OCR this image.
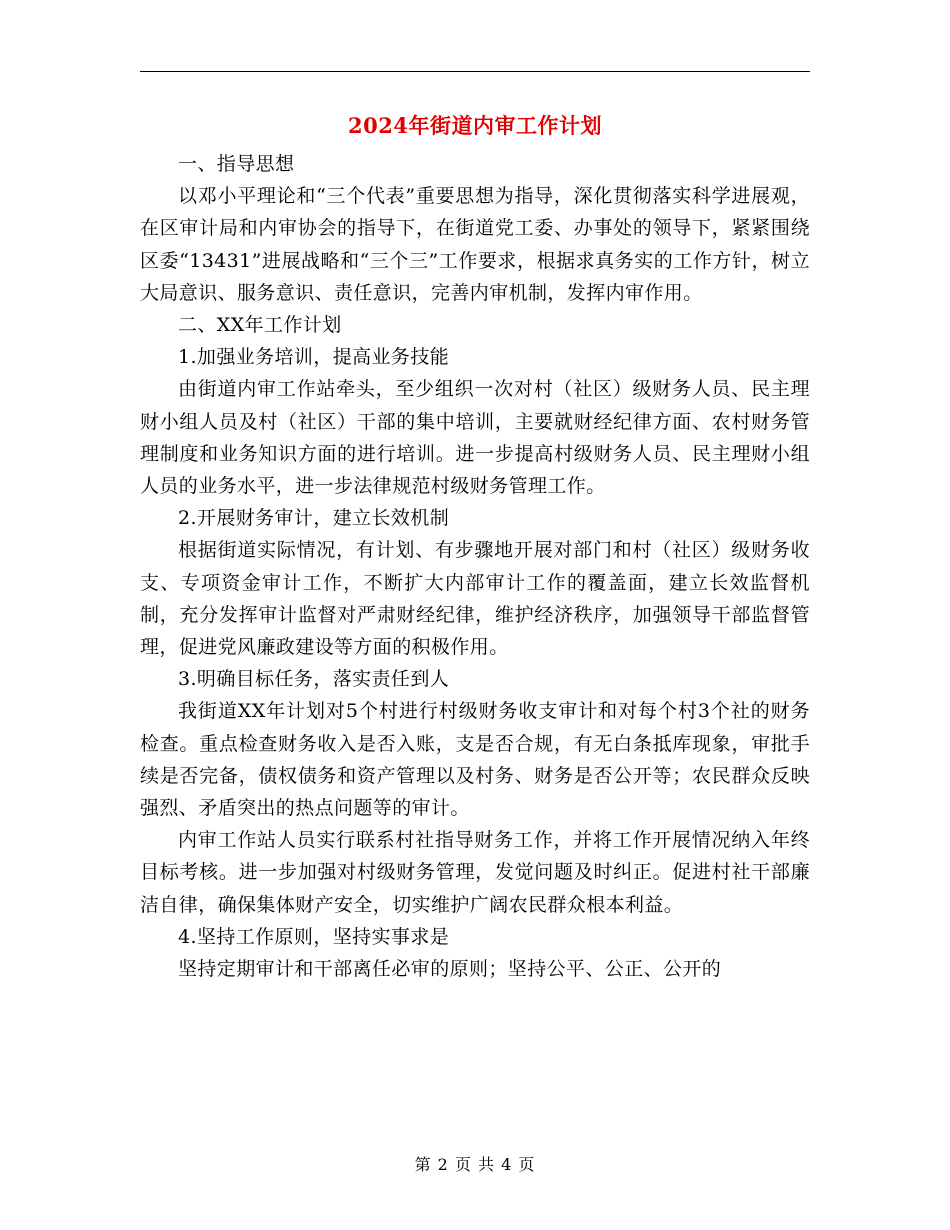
2024年街道内审工作计划

一、指导思想

以邓小平理论和“三个代表”重要思想为指导，深化贯彻落实科学进展观，在区审计局和内审协会的指导下，在街道党工委、办事处的领导下，紧紧围绕区委“13431”进展战略和“三个三”工作要求，根据求真务实的工作方针，树立大局意识、服务意识、责任意识，完善内审机制，发挥内审作用。

二、XX年工作计划

1.加强业务培训，提高业务技能

由街道内审工作站牵头，至少组织一次对村（社区）级财务人员、民主理财小组人员及村（社区）干部的集中培训，主要就财经纪律方面、农村财务管理制度和业务知识方面的进行培训。进一步提高村级财务人员、民主理财小组人员的业务水平，进一步法律规范村级财务管理工作。

2.开展财务审计，建立长效机制

根据街道实际情况，有计划、有步骤地开展对部门和村（社区）级财务收支、专项资金审计工作，不断扩大内部审计工作的覆盖面，建立长效监督机制，充分发挥审计监督对严肃财经纪律，维护经济秩序，加强领导干部监督管理，促进党风廉政建设等方面的积极作用。

3.明确目标任务，落实责任到人

我街道XX年计划对5个村进行村级财务收支审计和对每个村3个社的财务检查。重点检查财务收入是否入账，支是否合规，有无白条抵库现象，审批手续是否完备，债权债务和资产管理以及村务、财务是否公开等；农民群众反映强烈、矛盾突出的热点问题等的审计。

内审工作站人员实行联系村社指导财务工作，并将工作开展情况纳入年终目标考核。进一步加强对村级财务管理，发觉问题及时纠正。促进村社干部廉洁自律，确保集体财产安全，切实维护广阔农民群众根本利益。

4.坚持工作原则，坚持实事求是

坚持定期审计和干部离任必审的原则；坚持公平、公正、公开的

第 2 页 共 4 页
